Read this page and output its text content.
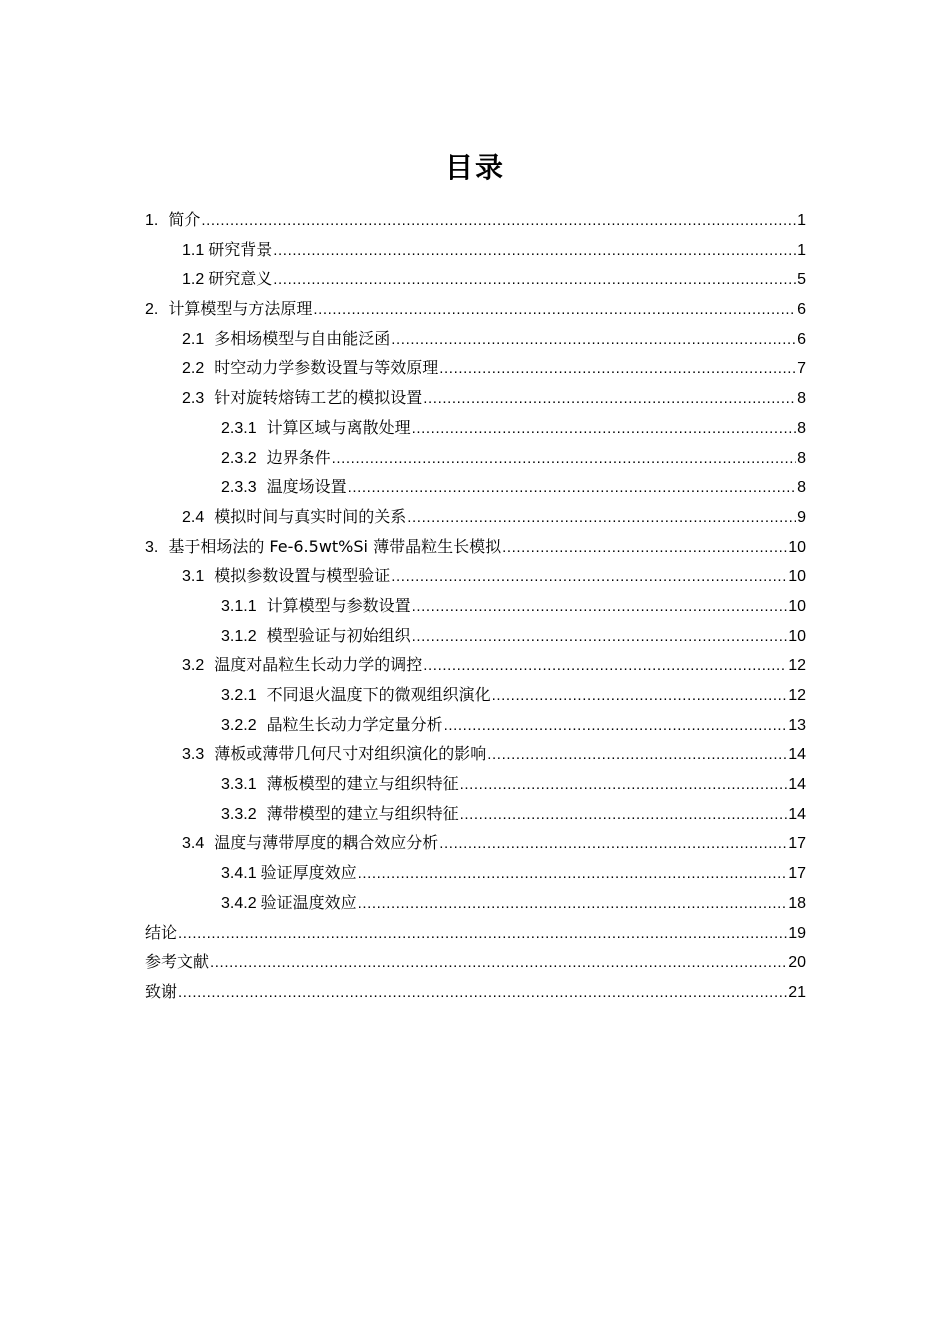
目录
1. 简介 .....	1
1.1 研究背景 .....	1
1.2 研究意义 .....	5
2. 计算模型与方法原理 .....	6
2.1 多相场模型与自由能泛函 .....	6
2.2 时空动力学参数设置与等效原理 .....	7
2.3 针对旋转熔铸工艺的模拟设置 .....	8
2.3.1 计算区域与离散处理 .....	8
2.3.2 边界条件 .....	8
2.3.3 温度场设置 .....	8
2.4 模拟时间与真实时间的关系 .....	9
3. 基于相场法的 Fe-6.5wt%Si 薄带晶粒生长模拟 .....	10
3.1 模拟参数设置与模型验证 .....	10
3.1.1 计算模型与参数设置 .....	10
3.1.2 模型验证与初始组织 .....	10
3.2 温度对晶粒生长动力学的调控 .....	12
3.2.1 不同退火温度下的微观组织演化 .....	12
3.2.2 晶粒生长动力学定量分析 .....	13
3.3 薄板或薄带几何尺寸对组织演化的影响 .....	14
3.3.1 薄板模型的建立与组织特征 .....	14
3.3.2 薄带模型的建立与组织特征 .....	14
3.4 温度与薄带厚度的耦合效应分析 .....	17
3.4.1 验证厚度效应 .....	17
3.4.2 验证温度效应 .....	18
结论 .....	19
参考文献 .....	20
致谢 .....	21
